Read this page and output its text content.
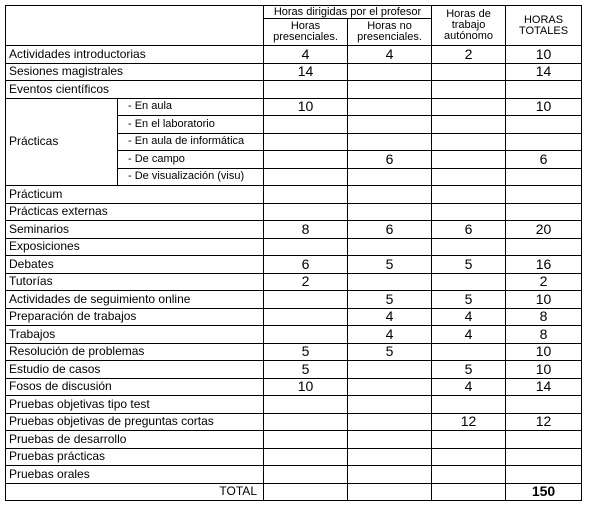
		Horas dirigidas por el profesor		Horas de trabajo autónomo	HORAS TOTALES
		Horas presenciales.	Horas no presenciales.		
Actividades introductorias		4	4	2	10
Sesiones magistrales		14			14
Eventos científicos					
Prácticas	- En aula	10			10
	- En el laboratorio				
	- En aula de informática				
	- De campo		6		6
	- De visualización (visu)				
Prácticum					
Prácticas externas					
Seminarios		8	6	6	20
Exposiciones					
Debates		6	5	5	16
Tutorías		2			2
Actividades de seguimiento online			5	5	10
Preparación de trabajos			4	4	8
Trabajos			4	4	8
Resolución de problemas		5	5		10
Estudio de casos		5		5	10
Fosos de discusión		10		4	14
Pruebas objetivas tipo test					
Pruebas objetivas de preguntas cortas				12	12
Pruebas de desarrollo					
Pruebas prácticas					
Pruebas orales					
TOTAL					150
